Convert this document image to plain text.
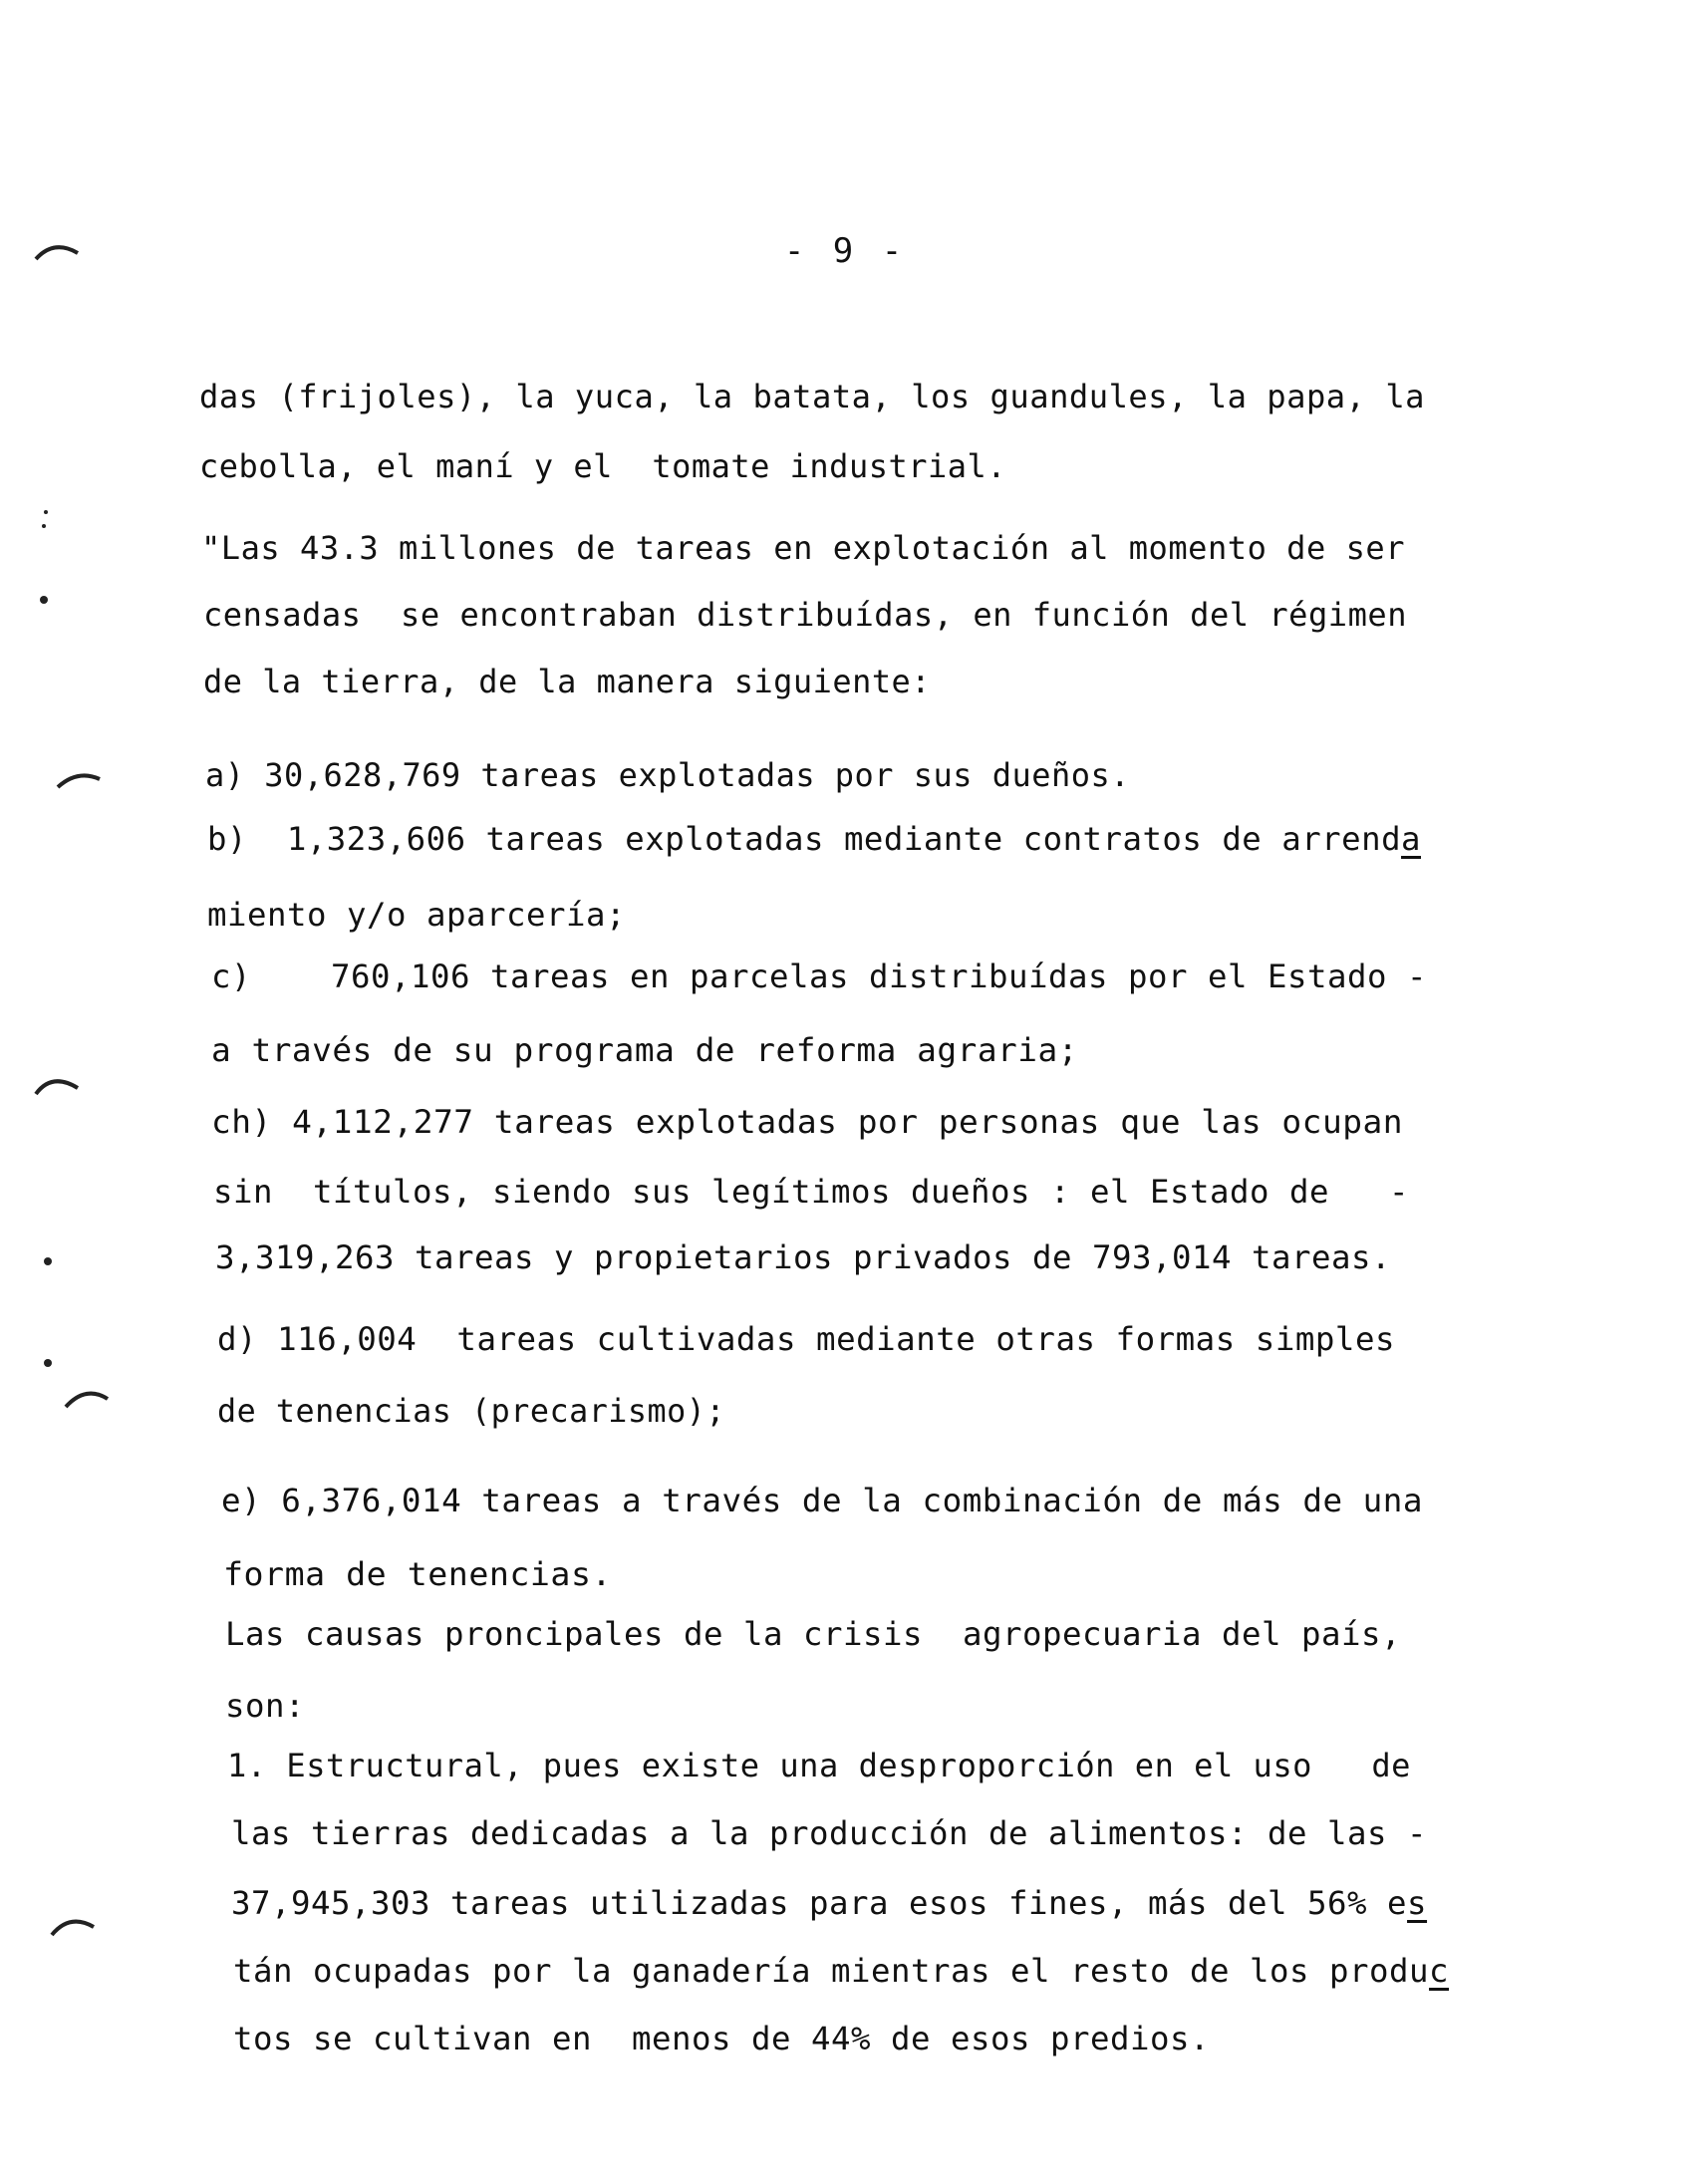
- 9 -
das (frijoles), la yuca, la batata, los guandules, la papa, la
cebolla, el maní y el  tomate industrial.
"Las 43.3 millones de tareas en explotación al momento de ser
censadas  se encontraban distribuídas, en función del régimen
de la tierra, de la manera siguiente:
a) 30,628,769 tareas explotadas por sus dueños.
b)  1,323,606 tareas explotadas mediante contratos de arrenda
miento y/o aparcería;
c)    760,106 tareas en parcelas distribuídas por el Estado -
a través de su programa de reforma agraria;
ch) 4,112,277 tareas explotadas por personas que las ocupan
sin  títulos, siendo sus legítimos dueños : el Estado de   -
3,319,263 tareas y propietarios privados de 793,014 tareas.
d) 116,004  tareas cultivadas mediante otras formas simples
de tenencias (precarismo);
e) 6,376,014 tareas a través de la combinación de más de una
forma de tenencias.
Las causas proncipales de la crisis  agropecuaria del país,
son:
1. Estructural, pues existe una desproporción en el uso   de
las tierras dedicadas a la producción de alimentos: de las -
37,945,303 tareas utilizadas para esos fines, más del 56% es
tán ocupadas por la ganadería mientras el resto de los produc
tos se cultivan en  menos de 44% de esos predios.
